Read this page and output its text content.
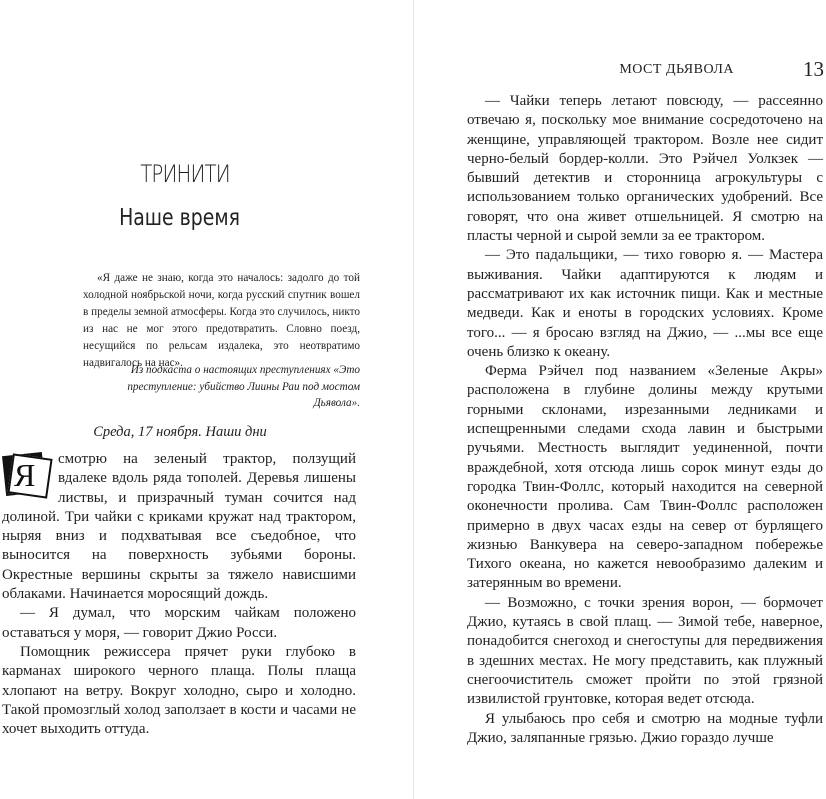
ТРИНИТИ
Наше время
«Я даже не знаю, когда это началось: задолго до той холодной ноябрьской ночи, когда русский спутник вошел в пределы земной атмосферы. Когда это случилось, никто из нас не мог этого предотвратить. Словно поезд, несущийся по рельсам издалека, это неотвратимо надвигалось на нас».
Из подкаста о настоящих преступлениях «Это преступление: убийство Лиины Раи под мостом Дьявола».
Среда, 17 ноября. Наши дни

Я смотрю на зеленый трактор, ползущий вдалеке вдоль ряда тополей. Деревья лишены листвы, и призрачный туман сочится над долиной. Три чайки с криками кружат над трактором, ныряя вниз и подхватывая все съедобное, что выносится на поверхность зубьями бороны. Окрестные вершины скрыты за тяжело нависшими облаками. Начинается моросящий дождь.

— Я думал, что морским чайкам положено оставаться у моря, — говорит Джио Росси.

Помощник режиссера прячет руки глубоко в карманах широкого черного плаща. Полы плаща хлопают на ветру. Вокруг холодно, сыро и холодно. Такой промозглый холод заползает в кости и часами не хочет выходить оттуда.

МОСТ ДЬЯВОЛА	13

— Чайки теперь летают повсюду, — рассеянно отвечаю я, поскольку мое внимание сосредоточено на женщине, управляющей трактором. Возле нее сидит черно-белый бордер-колли. Это Рэйчел Уолкзек — бывший детектив и сторонница агрокультуры с использованием только органических удобрений. Все говорят, что она живет отшельницей. Я смотрю на пласты черной и сырой земли за ее трактором.

— Это падальщики, — тихо говорю я. — Мастера выживания. Чайки адаптируются к людям и рассматривают их как источник пищи. Как и местные медведи. Как и еноты в городских условиях. Кроме того... — я бросаю взгляд на Джио, — ...мы все еще очень близко к океану.

Ферма Рэйчел под названием «Зеленые Акры» расположена в глубине долины между крутыми горными склонами, изрезанными ледниками и испещренными следами схода лавин и быстрыми ручьями. Местность выглядит уединенной, почти враждебной, хотя отсюда лишь сорок минут езды до городка Твин-Фоллс, который находится на северной оконечности пролива. Сам Твин-Фоллс расположен примерно в двух часах езды на север от бурлящего жизнью Ванкувера на северо-западном побережье Тихого океана, но кажется невообразимо далеким и затерянным во времени.

— Возможно, с точки зрения ворон, — бормочет Джио, кутаясь в свой плащ. — Зимой тебе, наверное, понадобится снегоход и снегоступы для передвижения в здешних местах. Не могу представить, как плужный снегоочиститель сможет пройти по этой грязной извилистой грунтовке, которая ведет отсюда.

Я улыбаюсь про себя и смотрю на модные туфли Джио, заляпанные грязью. Джио гораздо лучше
